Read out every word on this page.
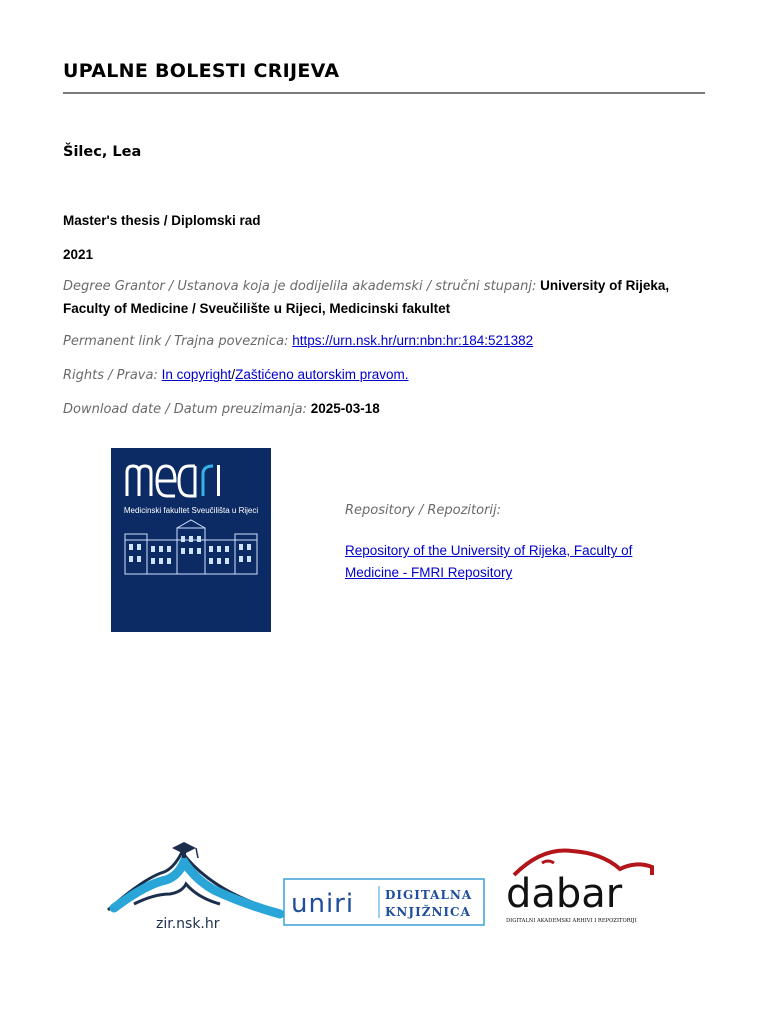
UPALNE BOLESTI CRIJEVA
Šilec, Lea
Master's thesis / Diplomski rad
2021
Degree Grantor / Ustanova koja je dodijelila akademski / stručni stupanj: University of Rijeka, Faculty of Medicine / Sveučilište u Rijeci, Medicinski fakultet
Permanent link / Trajna poveznica: https://urn.nsk.hr/urn:nbn:hr:184:521382
Rights / Prava: In copyright/Zaštićeno autorskim pravom.
Download date / Datum preuzimanja: 2025-03-18
Medicinski fakultet Sveučilišta u Rijeci	Repository / Repozitorij:
Repository of the University of Rijeka, Faculty of Medicine - FMRI Repository
zir.nsk.hr
uniri	DIGITALNA
KNJIŽNICA dabar
DIGITALNI AKADEMSKI ARHIVI I REPOZITORIJI
